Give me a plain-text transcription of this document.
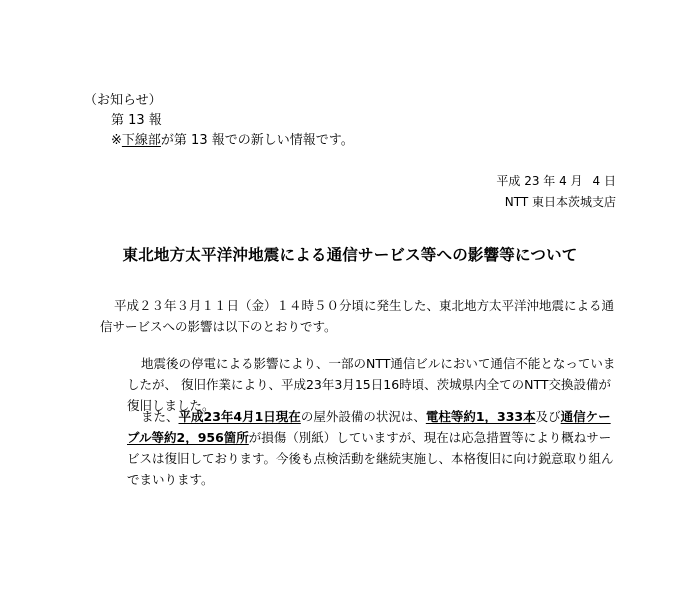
（お知らせ）
第 13 報
※下線部が第 13 報での新しい情報です。
平成 23 年 4 月 4 日
NTT 東日本茨城支店
東北地方太平洋沖地震による通信サービス等への影響等について
平成２３年３月１１日（金）１４時５０分頃に発生した、東北地方太平洋沖地震による通信サービスへの影響は以下のとおりです。
地震後の停電による影響により、一部のNTT通信ビルにおいて通信不能となっていましたが、 復旧作業により、平成23年3月15日16時頃、茨城県内全てのNTT交換設備が復旧しました。
また、平成23年4月1日現在の屋外設備の状況は、電柱等約1，333本及び通信ケーブル等約2，956箇所が損傷（別紙）していますが、現在は応急措置等により概ねサービスは復旧しております。今後も点検活動を継続実施し、本格復旧に向け鋭意取り組んでまいります。
